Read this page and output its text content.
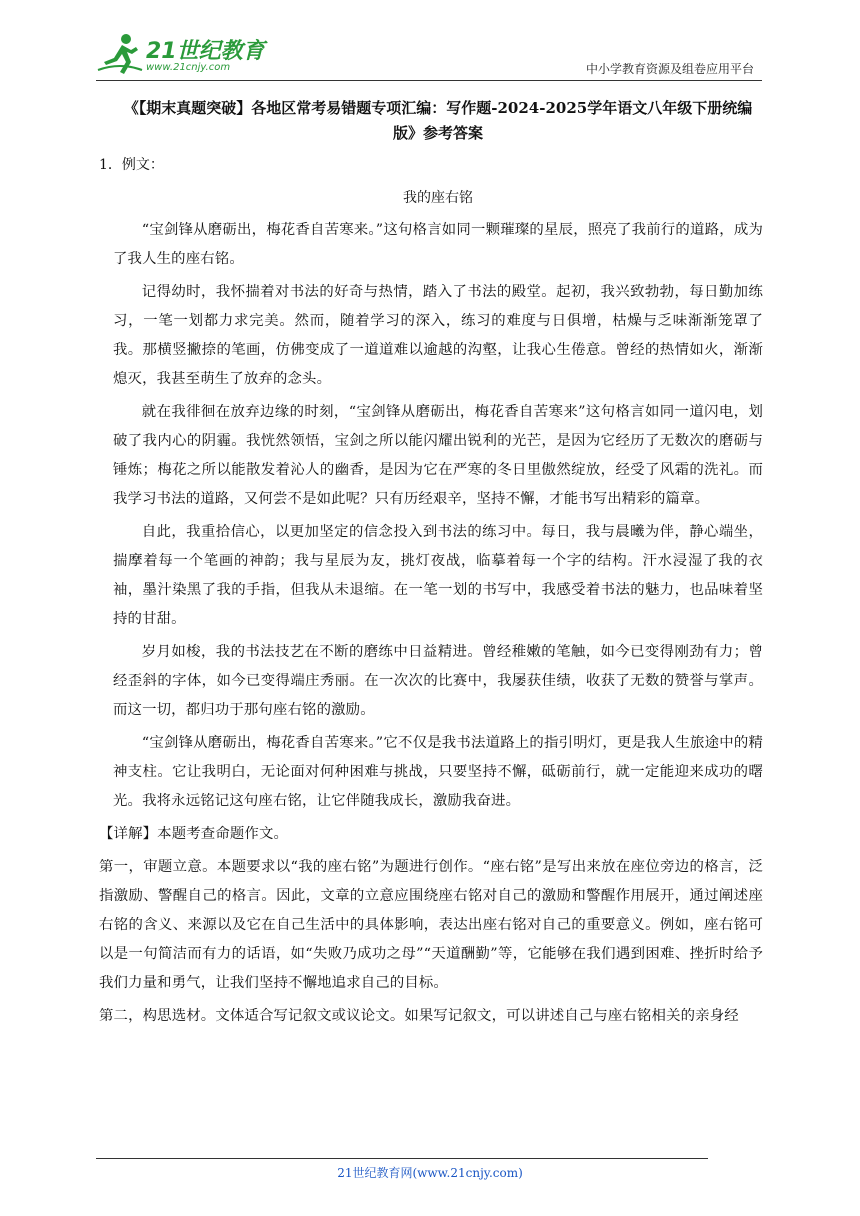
21世纪教育
www.21cnjy.com	中小学教育资源及组卷应用平台
《【期末真题突破】各地区常考易错题专项汇编：写作题-2024-2025学年语文八年级下册统编版》参考答案
1．例文：
我的座右铭
“宝剑锋从磨砺出，梅花香自苦寒来。”这句格言如同一颗璀璨的星辰，照亮了我前行的道路，成为了我人生的座右铭。
记得幼时，我怀揣着对书法的好奇与热情，踏入了书法的殿堂。起初，我兴致勃勃，每日勤加练习，一笔一划都力求完美。然而，随着学习的深入，练习的难度与日俱增，枯燥与乏味渐渐笼罩了我。那横竖撇捺的笔画，仿佛变成了一道道难以逾越的沟壑，让我心生倦意。曾经的热情如火，渐渐熄灭，我甚至萌生了放弃的念头。
就在我徘徊在放弃边缘的时刻，“宝剑锋从磨砺出，梅花香自苦寒来”这句格言如同一道闪电，划破了我内心的阴霾。我恍然领悟，宝剑之所以能闪耀出锐利的光芒，是因为它经历了无数次的磨砺与锤炼；梅花之所以能散发着沁人的幽香，是因为它在严寒的冬日里傲然绽放，经受了风霜的洗礼。而我学习书法的道路，又何尝不是如此呢？只有历经艰辛，坚持不懈，才能书写出精彩的篇章。
自此，我重拾信心，以更加坚定的信念投入到书法的练习中。每日，我与晨曦为伴，静心端坐，揣摩着每一个笔画的神韵；我与星辰为友，挑灯夜战，临摹着每一个字的结构。汗水浸湿了我的衣袖，墨汁染黑了我的手指，但我从未退缩。在一笔一划的书写中，我感受着书法的魅力，也品味着坚持的甘甜。
岁月如梭，我的书法技艺在不断的磨练中日益精进。曾经稚嫩的笔触，如今已变得刚劲有力；曾经歪斜的字体，如今已变得端庄秀丽。在一次次的比赛中，我屡获佳绩，收获了无数的赞誉与掌声。而这一切，都归功于那句座右铭的激励。
“宝剑锋从磨砺出，梅花香自苦寒来。”它不仅是我书法道路上的指引明灯，更是我人生旅途中的精神支柱。它让我明白，无论面对何种困难与挑战，只要坚持不懈，砥砺前行，就一定能迎来成功的曙光。我将永远铭记这句座右铭，让它伴随我成长，激励我奋进。
【详解】本题考查命题作文。
第一，审题立意。本题要求以“我的座右铭”为题进行创作。“座右铭”是写出来放在座位旁边的格言，泛指激励、警醒自己的格言。因此，文章的立意应围绕座右铭对自己的激励和警醒作用展开，通过阐述座右铭的含义、来源以及它在自己生活中的具体影响，表达出座右铭对自己的重要意义。例如，座右铭可以是一句简洁而有力的话语，如“失败乃成功之母”“天道酬勤”等，它能够在我们遇到困难、挫折时给予我们力量和勇气，让我们坚持不懈地追求自己的目标。
第二，构思选材。文体适合写记叙文或议论文。如果写记叙文，可以讲述自己与座右铭相关的亲身经
21世纪教育网(www.21cnjy.com)
